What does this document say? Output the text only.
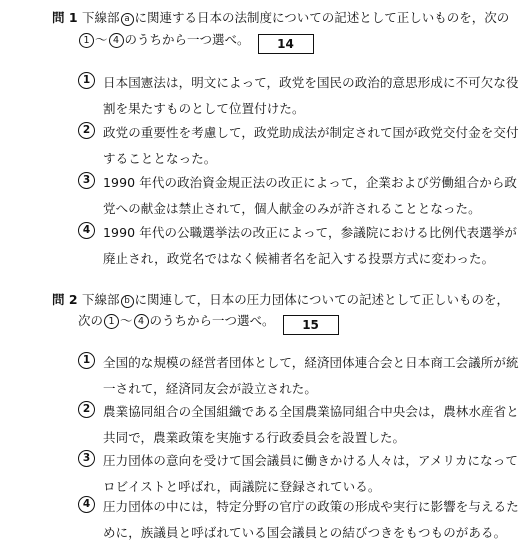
問 1 下線部 a に関連する日本の法制度についての記述として正しいものを，次の
1 ～ 4 のうちから一つ選べ。 14
1	日本国憲法は，明文によって，政党を国民の政治的意思形成に不可欠な役
割を果たすものとして位置付けた。
2	政党の重要性を考慮して，政党助成法が制定されて国が政党交付金を交付
することとなった。
3	1990 年代の政治資金規正法の改正によって，企業および労働組合から政
党への献金は禁止されて，個人献金のみが許されることとなった。
4	1990 年代の公職選挙法の改正によって，参議院における比例代表選挙が
廃止され，政党名ではなく候補者名を記入する投票方式に変わった。
問 2 下線部 b に関連して，日本の圧力団体についての記述として正しいものを，
次の 1 ～ 4 のうちから一つ選べ。 15
1	全国的な規模の経営者団体として，経済団体連合会と日本商工会議所が統
一されて，経済同友会が設立された。
2	農業協同組合の全国組織である全国農業協同組合中央会は，農林水産省と
共同で，農業政策を実施する行政委員会を設置した。
3	圧力団体の意向を受けて国会議員に働きかける人々は，アメリカになって
ロビイストと呼ばれ，両議院に登録されている。
4	圧力団体の中には，特定分野の官庁の政策の形成や実行に影響を与えるた
めに，族議員と呼ばれている国会議員との結びつきをもつものがある。
